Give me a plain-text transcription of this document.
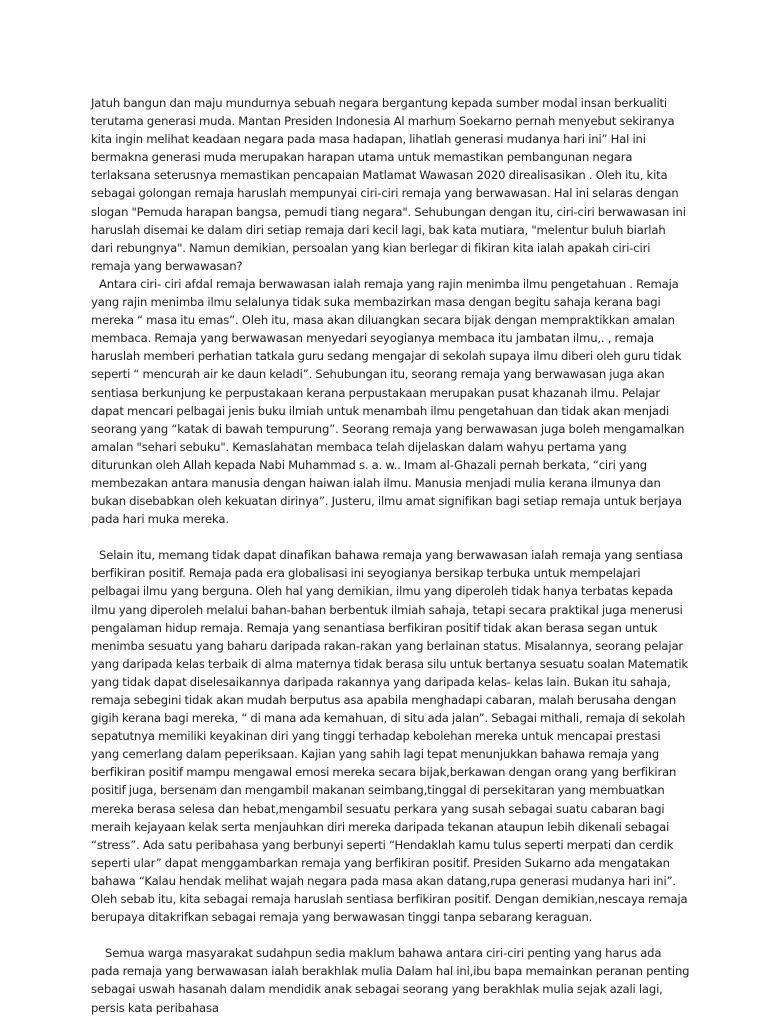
Jatuh bangun dan maju mundurnya sebuah negara bergantung kepada sumber modal insan berkualiti terutama generasi muda. Mantan Presiden Indonesia Al marhum Soekarno pernah menyebut sekiranya kita ingin melihat keadaan negara pada masa hadapan, lihatlah generasi mudanya hari ini” Hal ini bermakna generasi muda merupakan harapan utama untuk memastikan pembangunan negara terlaksana seterusnya memastikan pencapaian Matlamat Wawasan 2020 direalisasikan . Oleh itu, kita sebagai golongan remaja haruslah mempunyai ciri-ciri remaja yang berwawasan. Hal ini selaras dengan slogan "Pemuda harapan bangsa, pemudi tiang negara". Sehubungan dengan itu, ciri-ciri berwawasan ini haruslah disemai ke dalam diri setiap remaja dari kecil lagi, bak kata mutiara, "melentur buluh biarlah dari rebungnya". Namun demikian, persoalan yang kian berlegar di fikiran kita ialah apakah ciri-ciri remaja yang berwawasan?

Antara ciri- ciri afdal remaja berwawasan ialah remaja yang rajin menimba ilmu pengetahuan . Remaja yang rajin menimba ilmu selalunya tidak suka membazirkan masa dengan begitu sahaja kerana bagi mereka “ masa itu emas”. Oleh itu, masa akan diluangkan secara bijak dengan mempraktikkan amalan membaca. Remaja yang berwawasan menyedari seyogianya membaca itu jambatan ilmu,. , remaja haruslah memberi perhatian tatkala guru sedang mengajar di sekolah supaya ilmu diberi oleh guru tidak seperti “ mencurah air ke daun keladi”. Sehubungan itu, seorang remaja yang berwawasan juga akan sentiasa berkunjung ke perpustakaan kerana perpustakaan merupakan pusat khazanah ilmu. Pelajar dapat mencari pelbagai jenis buku ilmiah untuk menambah ilmu pengetahuan dan tidak akan menjadi seorang yang “katak di bawah tempurung”. Seorang remaja yang berwawasan juga boleh mengamalkan amalan "sehari sebuku". Kemaslahatan membaca telah dijelaskan dalam wahyu pertama yang diturunkan oleh Allah kepada Nabi Muhammad s. a. w.. Imam al-Ghazali pernah berkata, “ciri yang membezakan antara manusia dengan haiwan ialah ilmu. Manusia menjadi mulia kerana ilmunya dan bukan disebabkan oleh kekuatan dirinya”. Justeru, ilmu amat signifikan bagi setiap remaja untuk berjaya pada hari muka mereka.

Selain itu, memang tidak dapat dinafikan bahawa remaja yang berwawasan ialah remaja yang sentiasa berfikiran positif. Remaja pada era globalisasi ini seyogianya bersikap terbuka untuk mempelajari pelbagai ilmu yang berguna. Oleh hal yang demikian, ilmu yang diperoleh tidak hanya terbatas kepada ilmu yang diperoleh melalui bahan-bahan berbentuk ilmiah sahaja, tetapi secara praktikal juga menerusi pengalaman hidup remaja. Remaja yang senantiasa berfikiran positif tidak akan berasa segan untuk menimba sesuatu yang baharu daripada rakan-rakan yang berlainan status. Misalannya, seorang pelajar yang daripada kelas terbaik di alma maternya tidak berasa silu untuk bertanya sesuatu soalan Matematik yang tidak dapat diselesaikannya daripada rakannya yang daripada kelas- kelas lain. Bukan itu sahaja, remaja sebegini tidak akan mudah berputus asa apabila menghadapi cabaran, malah berusaha dengan gigih kerana bagi mereka, “ di mana ada kemahuan, di situ ada jalan”. Sebagai mithali, remaja di sekolah sepatutnya memiliki keyakinan diri yang tinggi terhadap kebolehan mereka untuk mencapai prestasi yang cemerlang dalam peperiksaan. Kajian yang sahih lagi tepat menunjukkan bahawa remaja yang berfikiran positif mampu mengawal emosi mereka secara bijak,berkawan dengan orang yang berfikiran positif juga, bersenam dan mengambil makanan seimbang,tinggal di persekitaran yang membuatkan mereka berasa selesa dan hebat,mengambil sesuatu perkara yang susah sebagai suatu cabaran bagi meraih kejayaan kelak serta menjauhkan diri mereka daripada tekanan ataupun lebih dikenali sebagai “stress”. Ada satu peribahasa yang berbunyi seperti “Hendaklah kamu tulus seperti merpati dan cerdik seperti ular” dapat menggambarkan remaja yang berfikiran positif. Presiden Sukarno ada mengatakan bahawa “Kalau hendak melihat wajah negara pada masa akan datang,rupa generasi mudanya hari ini”. Oleh sebab itu, kita sebagai remaja haruslah sentiasa berfikiran positif. Dengan demikian,nescaya remaja berupaya ditakrifkan sebagai remaja yang berwawasan tinggi tanpa sebarang keraguan.

Semua warga masyarakat sudahpun sedia maklum bahawa antara ciri-ciri penting yang harus ada pada remaja yang berwawasan ialah berakhlak mulia Dalam hal ini,ibu bapa memainkan peranan penting sebagai uswah hasanah dalam mendidik anak sebagai seorang yang berakhlak mulia sejak azali lagi, persis kata peribahasa
